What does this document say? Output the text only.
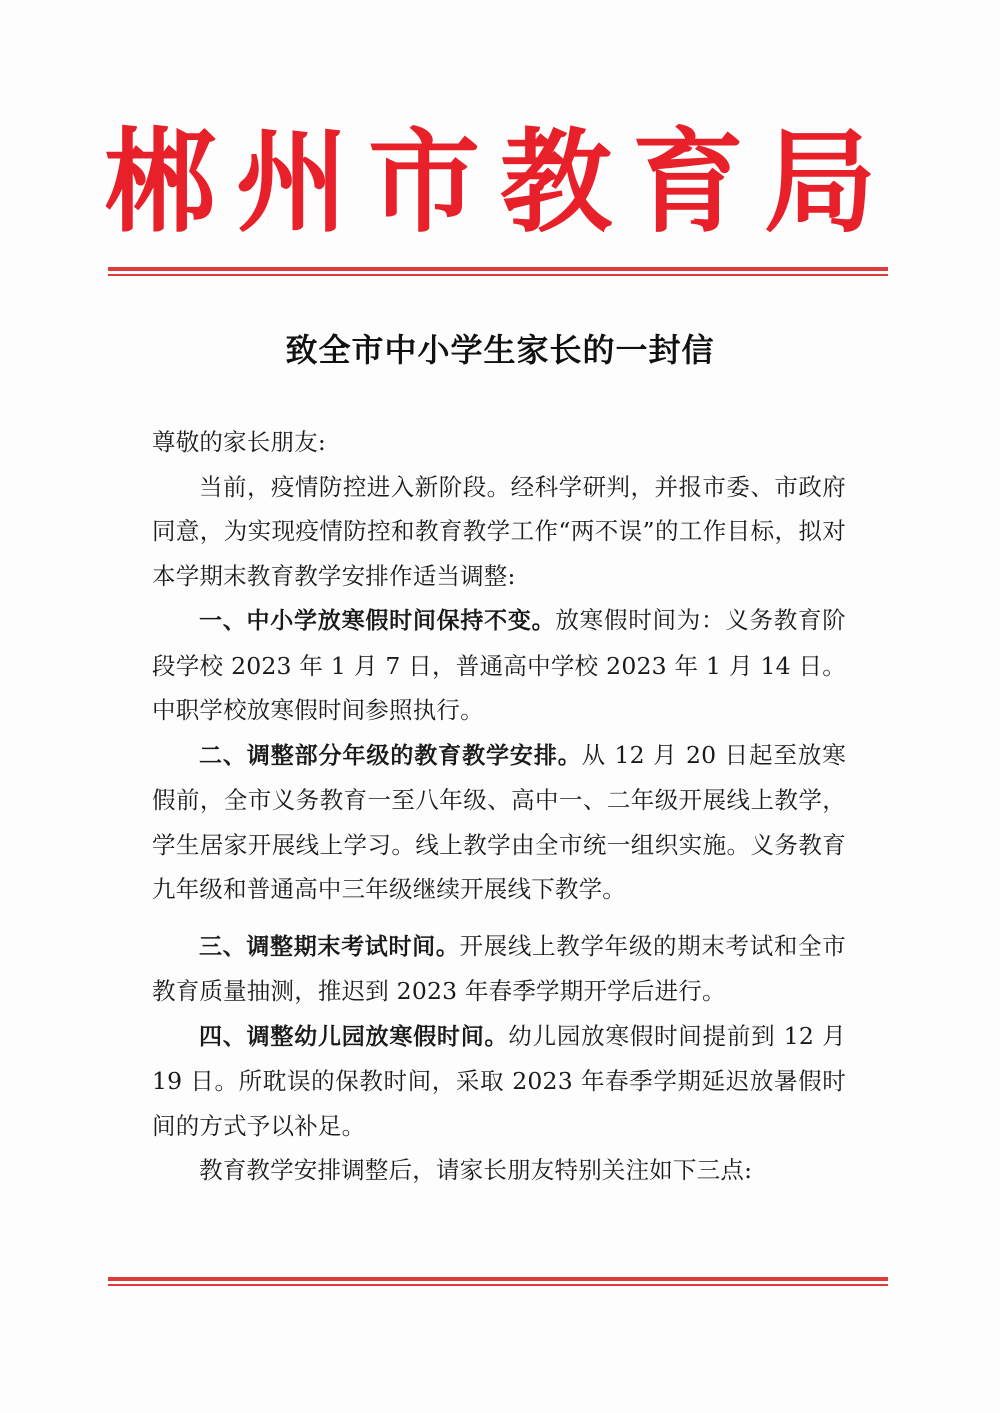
郴州市教育局
致全市中小学生家长的一封信

尊敬的家长朋友:

当前，疫情防控进入新阶段。经科学研判，并报市委、市政府同意，为实现疫情防控和教育教学工作“两不误”的工作目标，拟对本学期末教育教学安排作适当调整:

一、中小学放寒假时间保持不变。放寒假时间为：义务教育阶段学校 2023 年 1 月 7 日，普通高中学校 2023 年 1 月 14 日。中职学校放寒假时间参照执行。

二、调整部分年级的教育教学安排。从 12 月 20 日起至放寒假前，全市义务教育一至八年级、高中一、二年级开展线上教学，学生居家开展线上学习。线上教学由全市统一组织实施。义务教育九年级和普通高中三年级继续开展线下教学。

三、调整期末考试时间。开展线上教学年级的期末考试和全市教育质量抽测，推迟到 2023 年春季学期开学后进行。

四、调整幼儿园放寒假时间。幼儿园放寒假时间提前到 12 月 19 日。所耽误的保教时间，采取 2023 年春季学期延迟放暑假时间的方式予以补足。

教育教学安排调整后，请家长朋友特别关注如下三点:
